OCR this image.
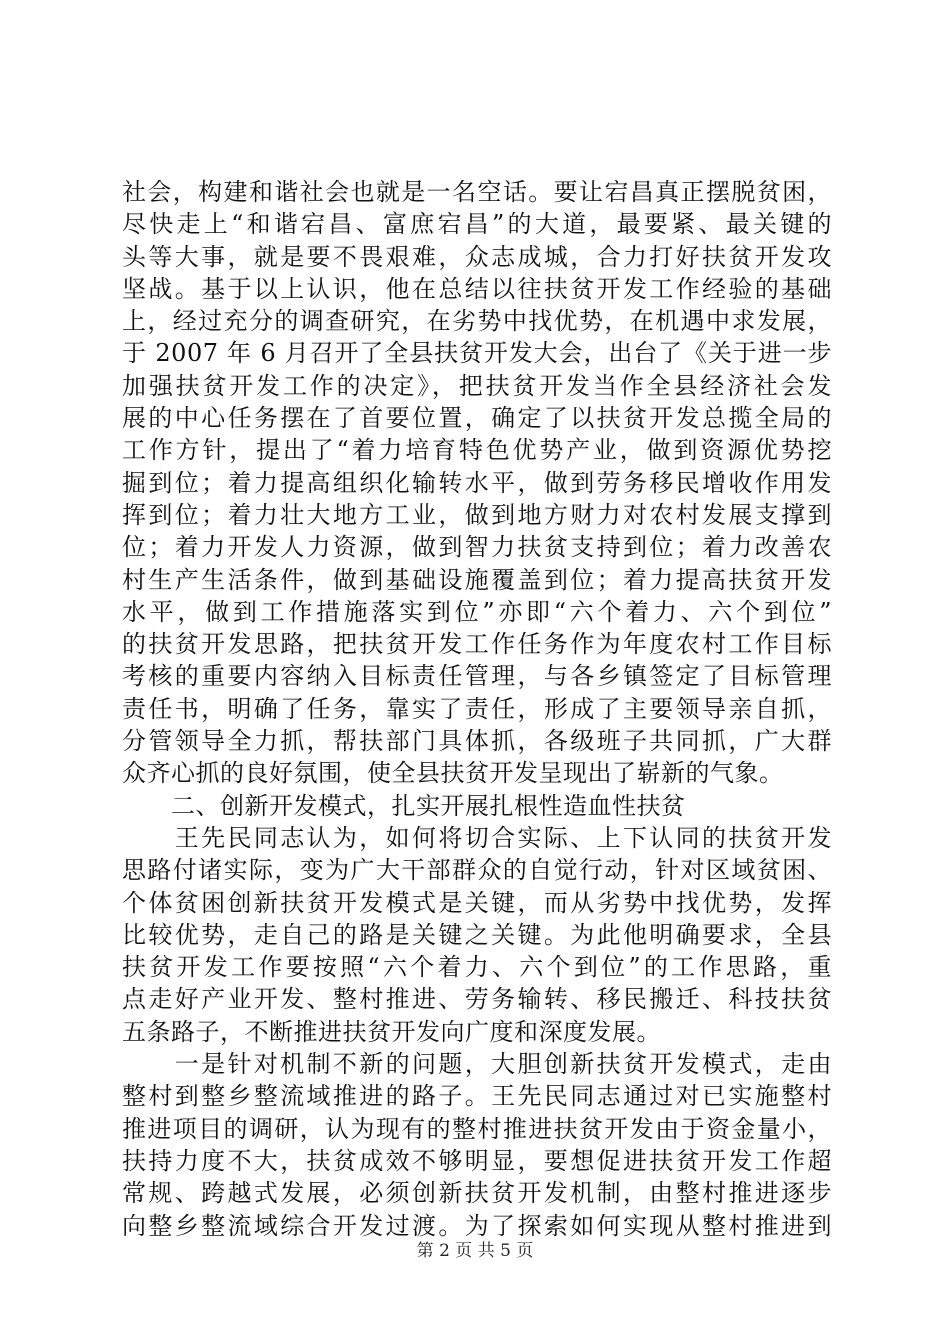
社会，构建和谐社会也就是一名空话。要让宕昌真正摆脱贫困，
尽快走上“和谐宕昌、富庶宕昌”的大道，最要紧、最关键的
头等大事，就是要不畏艰难，众志成城，合力打好扶贫开发攻
坚战。基于以上认识，他在总结以往扶贫开发工作经验的基础
上，经过充分的调查研究，在劣势中找优势，在机遇中求发展，
于 2007 年 6 月召开了全县扶贫开发大会，出台了《关于进一步
加强扶贫开发工作的决定》，把扶贫开发当作全县经济社会发
展的中心任务摆在了首要位置，确定了以扶贫开发总揽全局的
工作方针，提出了“着力培育特色优势产业，做到资源优势挖
掘到位；着力提高组织化输转水平，做到劳务移民增收作用发
挥到位；着力壮大地方工业，做到地方财力对农村发展支撑到
位；着力开发人力资源，做到智力扶贫支持到位；着力改善农
村生产生活条件，做到基础设施覆盖到位；着力提高扶贫开发
水平，做到工作措施落实到位”亦即“六个着力、六个到位”
的扶贫开发思路，把扶贫开发工作任务作为年度农村工作目标
考核的重要内容纳入目标责任管理，与各乡镇签定了目标管理
责任书，明确了任务，靠实了责任，形成了主要领导亲自抓，
分管领导全力抓，帮扶部门具体抓，各级班子共同抓，广大群
众齐心抓的良好氛围，使全县扶贫开发呈现出了崭新的气象。
　　二、创新开发模式，扎实开展扎根性造血性扶贫
　　王先民同志认为，如何将切合实际、上下认同的扶贫开发
思路付诸实际，变为广大干部群众的自觉行动，针对区域贫困、
个体贫困创新扶贫开发模式是关键，而从劣势中找优势，发挥
比较优势，走自己的路是关键之关键。为此他明确要求，全县
扶贫开发工作要按照“六个着力、六个到位”的工作思路，重
点走好产业开发、整村推进、劳务输转、移民搬迁、科技扶贫
五条路子，不断推进扶贫开发向广度和深度发展。
　　一是针对机制不新的问题，大胆创新扶贫开发模式，走由
整村到整乡整流域推进的路子。王先民同志通过对已实施整村
推进项目的调研，认为现有的整村推进扶贫开发由于资金量小，
扶持力度不大，扶贫成效不够明显，要想促进扶贫开发工作超
常规、跨越式发展，必须创新扶贫开发机制，由整村推进逐步
向整乡整流域综合开发过渡。为了探索如何实现从整村推进到
第 2 页 共 5 页
